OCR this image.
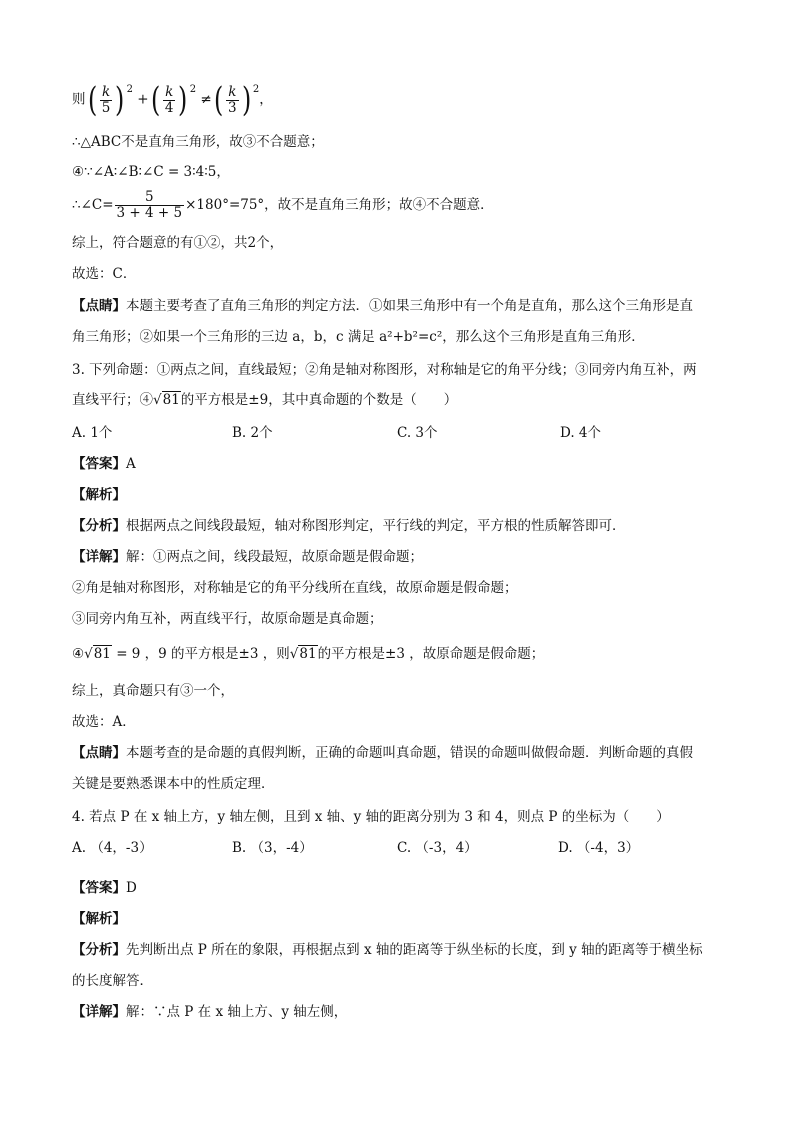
则( $\frac{k}{5}$ ) $^2$ +( $\frac{k}{4}$ ) $^2$ ≠( $\frac{k}{3}$ ) $^2$，
∴△ABC不是直角三角形，故③不合题意；
④∵∠A∶∠B∶∠C = 3∶4∶5，
∴∠C= $\frac{5}{3 + 4 + 5} \times 180^\circ=75^\circ$，故不是直角三角形；故④不合题意．
综上，符合题意的有①②，共2个，
故选：C．
【点睛】本题主要考查了直角三角形的判定方法．①如果三角形中有一个角是直角，那么这个三角形是直
角三角形；②如果一个三角形的三边 a，b，c 满足 a²+b²=c²，那么这个三角形是直角三角形．
3. 下列命题：①两点之间，直线最短；②角是轴对称图形，对称轴是它的角平分线；③同旁内角互补，两
直线平行；④√81的平方根是±9，其中真命题的个数是（　　）
A. 1个	B. 2个	C. 3个	D. 4个
【答案】A
【解析】
【分析】根据两点之间线段最短，轴对称图形判定，平行线的判定，平方根的性质解答即可．
【详解】解：①两点之间，线段最短，故原命题是假命题；
②角是轴对称图形，对称轴是它的角平分线所在直线，故原命题是假命题；
③同旁内角互补，两直线平行，故原命题是真命题；
④√81 = 9 ，9 的平方根是±3 ，则√81的平方根是±3 ，故原命题是假命题；
综上，真命题只有③一个，
故选：A．
【点睛】本题考查的是命题的真假判断，正确的命题叫真命题，错误的命题叫做假命题．判断命题的真假
关键是要熟悉课本中的性质定理．
4. 若点 P 在 x 轴上方，y 轴左侧，且到 x 轴、y 轴的距离分别为 3 和 4，则点 P 的坐标为（　　）
A. （4，-3）	B. （3，-4）	C. （-3，4）	D. （-4，3）
【答案】D
【解析】
【分析】先判断出点 P 所在的象限，再根据点到 x 轴的距离等于纵坐标的长度，到 y 轴的距离等于横坐标
的长度解答．
【详解】解：∵点 P 在 x 轴上方、y 轴左侧，
